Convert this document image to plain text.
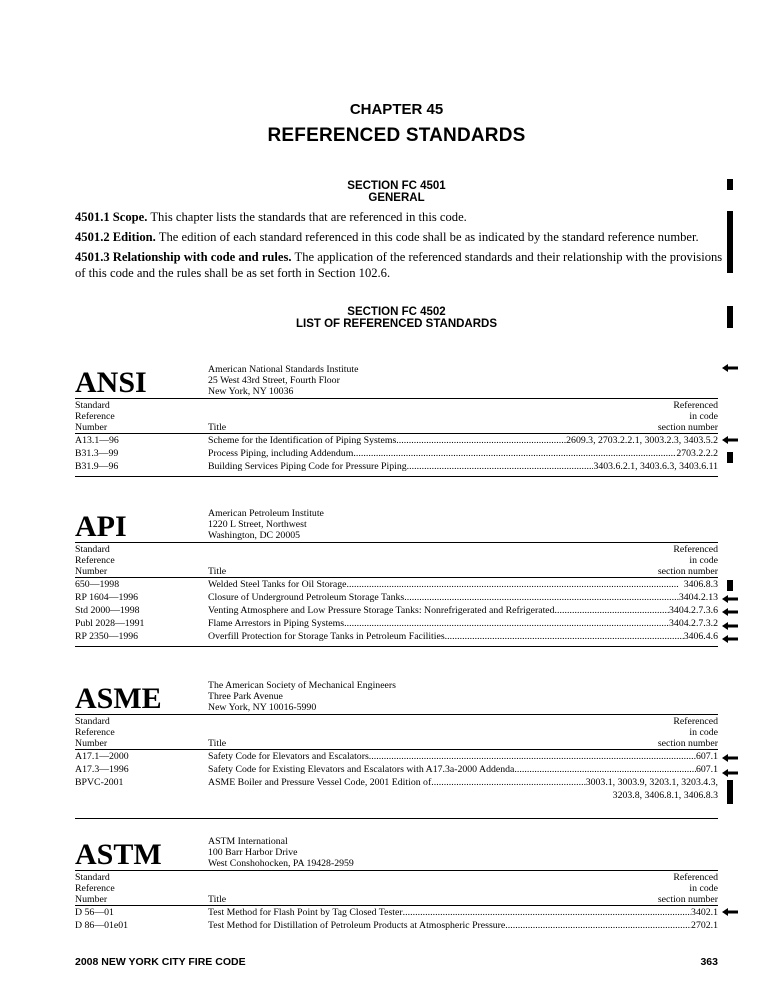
CHAPTER 45
REFERENCED STANDARDS
SECTION FC 4501
GENERAL
4501.1 Scope. This chapter lists the standards that are referenced in this code.
4501.2 Edition. The edition of each standard referenced in this code shall be as indicated by the standard reference number.
4501.3 Relationship with code and rules. The application of the referenced standards and their relationship with the provisions of this code and the rules shall be as set forth in Section 102.6.
SECTION FC 4502
LIST OF REFERENCED STANDARDS
ANSI	American National Standards Institute
25 West 43rd Street, Fourth Floor
New York, NY 10036
Standard
Reference
Number	Title
Referenced
in code
section number
A13.1—96	Scheme for the Identification of Piping Systems . . .	2609.3, 2703.2.2.1, 3003.2.3, 3403.5.2
B31.3—99	Process Piping, including Addendum . . .	2703.2.2.2
B31.9—96	Building Services Piping Code for Pressure Piping . . .	3403.6.2.1, 3403.6.3, 3403.6.11
API	American Petroleum Institute
1220 L Street, Northwest
Washington, DC 20005
Standard
Reference
Number	Title
Referenced
in code
section number
650—1998	Welded Steel Tanks for Oil Storage . . .	3406.8.3
RP 1604—1996	Closure of Underground Petroleum Storage Tanks . . .	3404.2.13
Std 2000—1998	Venting Atmosphere and Low Pressure Storage Tanks: Nonrefrigerated and Refrigerated . . .	3404.2.7.3.6
Publ 2028—1991	Flame Arrestors in Piping Systems . . .	3404.2.7.3.2
RP 2350—1996	Overfill Protection for Storage Tanks in Petroleum Facilities . . .	3406.4.6
ASME	The American Society of Mechanical Engineers
Three Park Avenue
New York, NY 10016-5990
Standard
Reference
Number	Title
Referenced
in code
section number
A17.1—2000	Safety Code for Elevators and Escalators . . .	607.1
A17.3—1996	Safety Code for Existing Elevators and Escalators with A17.3a-2000 Addenda . . .	607.1
BPVC-2001	ASME Boiler and Pressure Vessel Code, 2001 Edition of . . .	3003.1, 3003.9, 3203.1, 3203.4.3,
3203.8, 3406.8.1, 3406.8.3
ASTM	ASTM International
100 Barr Harbor Drive
West Conshohocken, PA 19428-2959
Standard
Reference
Number	Title
Referenced
in code
section number
D 56—01	Test Method for Flash Point by Tag Closed Tester . . .	3402.1
D 86—01e01	Test Method for Distillation of Petroleum Products at Atmospheric Pressure . . .	2702.1
2008 NEW YORK CITY FIRE CODE	363
